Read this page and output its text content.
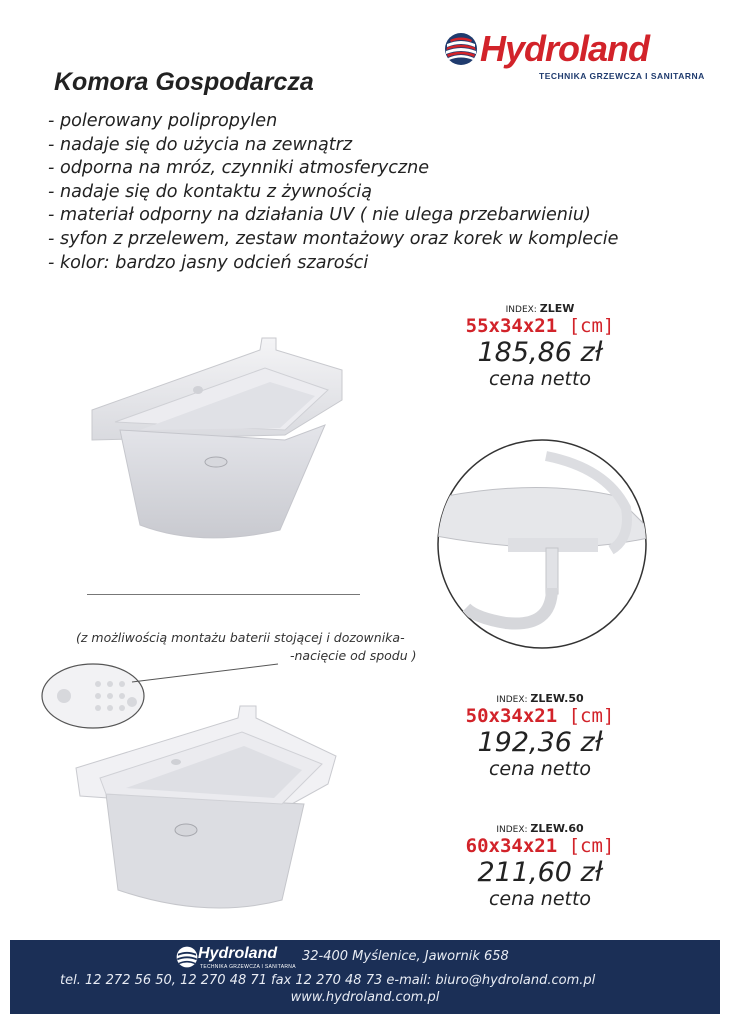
Hydroland
TECHNIKA GRZEWCZA I SANITARNA
Komora Gospodarcza
- polerowany polipropylen
- nadaje się do użycia na zewnątrz
- odporna na mróz, czynniki atmosferyczne
- nadaje się do kontaktu z żywnością
- materiał odporny na działania UV ( nie ulega przebarwieniu)
- syfon z przelewem, zestaw montażowy oraz korek w komplecie
- kolor: bardzo jasny odcień szarości
INDEX: ZLEW
55x34x21 [cm]
185,86 zł
cena netto
(z możliwością montażu baterii stojącej i dozownika-
-nacięcie od spodu )
INDEX: ZLEW.50
50x34x21 [cm]
192,36 zł
cena netto
INDEX: ZLEW.60
60x34x21 [cm]
211,60 zł
cena netto
Hydroland
TECHNIKA GRZEWCZA I SANITARNA
32-400 Myślenice, Jawornik 658
tel. 12 272 56 50, 12 270 48 71 fax 12 270 48 73 e-mail: biuro@hydroland.com.pl
www.hydroland.com.pl
